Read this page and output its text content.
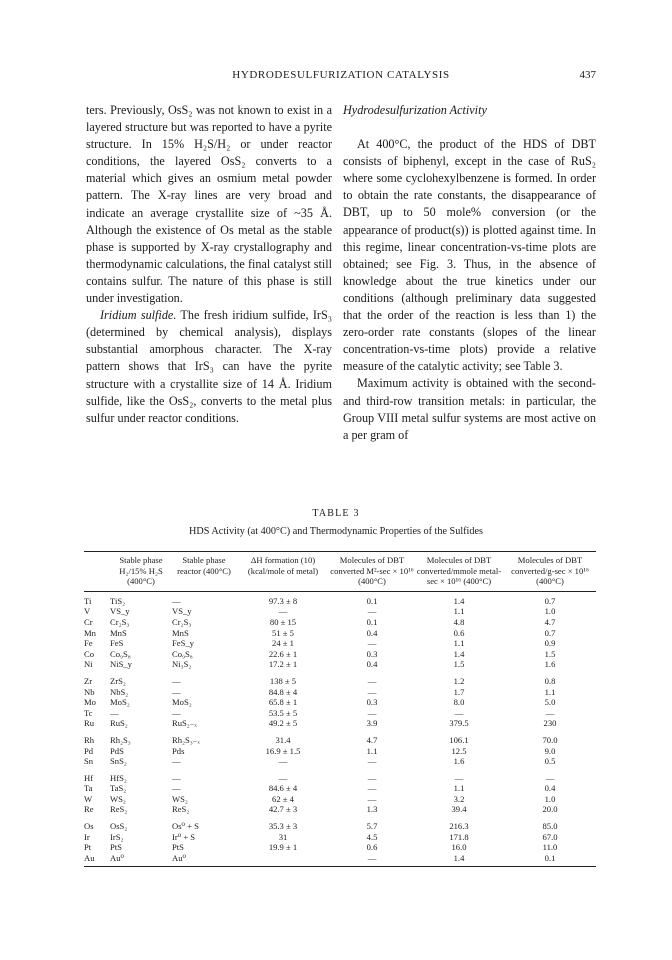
HYDRODESULFURIZATION CATALYSIS	437

ters. Previously, OsS₂ was not known to exist in a layered structure but was reported to have a pyrite structure. In 15% H₂S/H₂ or under reactor conditions, the layered OsS₂ converts to a material which gives an osmium metal powder pattern. The X-ray lines are very broad and indicate an average crystallite size of ~35 Å. Although the existence of Os metal as the stable phase is supported by X-ray crystallography and thermodynamic calculations, the final catalyst still contains sulfur. The nature of this phase is still under investigation.

Iridium sulfide. The fresh iridium sulfide, IrS₃ (determined by chemical analysis), displays substantial amorphous character. The X-ray pattern shows that IrS₃ can have the pyrite structure with a crystallite size of 14 Å. Iridium sulfide, like the OsS₂, converts to the metal plus sulfur under reactor conditions.

Hydrodesulfurization Activity

At 400°C, the product of the HDS of DBT consists of biphenyl, except in the case of RuS₂ where some cyclohexylbenzene is formed. In order to obtain the rate constants, the disappearance of DBT, up to 50 mole% conversion (or the appearance of product(s)) is plotted against time. In this regime, linear concentration-vs-time plots are obtained; see Fig. 3. Thus, in the absence of knowledge about the true kinetics under our conditions (although preliminary data suggested that the order of the reaction is less than 1) the zero-order rate constants (slopes of the linear concentration-vs-time plots) provide a relative measure of the catalytic activity; see Table 3.

Maximum activity is obtained with the second- and third-row transition metals: in particular, the Group VIII metal sulfur systems are most active on a per gram of

TABLE 3
HDS Activity (at 400°C) and Thermodynamic Properties of the Sulfides
	Stable phase H₂/15% H₂S (400°C)	Stable phase reactor (400°C)	ΔH formation (10) (kcal/mole of metal)	Molecules of DBT converted M²-sec × 10¹⁶ (400°C)	Molecules of DBT converted/mmole metal-sec × 10¹⁶ (400°C)	Molecules of DBT converted/g-sec × 10¹⁶ (400°C)
Ti	TiS₂	—	97.3 ± 8	0.1	1.4	0.7
V	VS_y	VS_y	—	—	1.1	1.0
Cr	Cr₂S₃	Cr₂S₃	80 ± 15	0.1	4.8	4.7
Mn	MnS	MnS	51 ± 5	0.4	0.6	0.7
Fe	FeS	FeS_y	24 ± 1	—	1.1	0.9
Co	Co₉S₈	Co₉S₈	22.6 ± 1	0.3	1.4	1.5
Ni	NiS_y	Ni₃S₂	17.2 ± 1	0.4	1.5	1.6
Zr	ZrS₂	—	138 ± 5	—	1.2	0.8
Nb	NbS₂	—	84.8 ± 4	—	1.7	1.1
Mo	MoS₂	MoS₂	65.8 ± 1	0.3	8.0	5.0
Tc	—	—	53.5 ± 5	—	—	—
Ru	RuS₂	RuS₂₋ₓ	49.2 ± 5	3.9	379.5	230
Rh	Rh₂S₃	Rh₂S₃₋ₓ	31.4	4.7	106.1	70.0
Pd	PdS	Pds	16.9 ± 1.5	1.1	12.5	9.0
Sn	SnS₂	—	—	—	1.6	0.5
Hf	HfS₂	—	—	—	—	—
Ta	TaS₂	—	84.6 ± 4	—	1.1	0.4
W	WS₂	WS₂	62 ± 4	—	3.2	1.0
Re	ReS₂	ReS₂	42.7 ± 3	1.3	39.4	20.0
Os	OsS₂	Os⁰ + S	35.3 ± 3	5.7	216.3	85.0
Ir	IrS₂	Ir⁰ + S	31	4.5	171.8	67.0
Pt	PtS	PtS	19.9 ± 1	0.6	16.0	11.0
Au	Au⁰	Au⁰		—	1.4	0.1
